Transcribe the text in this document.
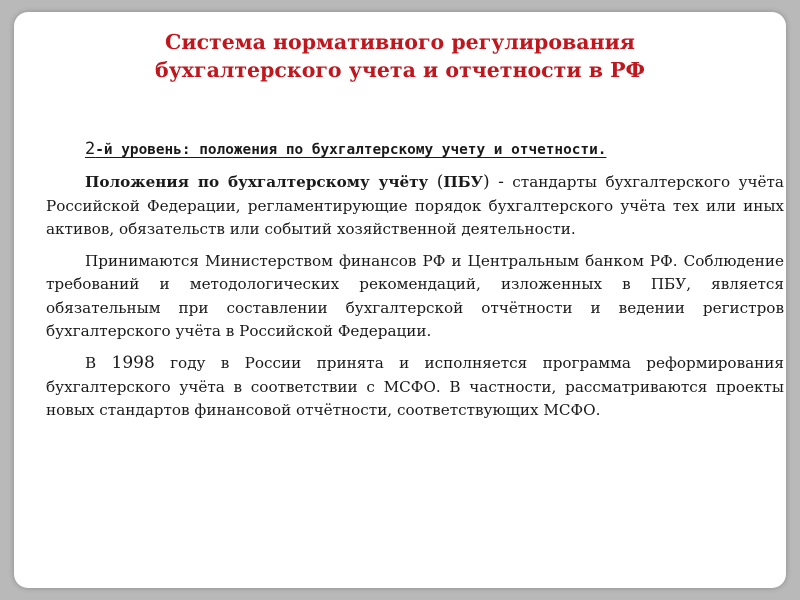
Система нормативного регулирования
бухгалтерского учета и отчетности в РФ

2-й уровень: положения по бухгалтерскому учету и отчетности.

Положения по бухгалтерскому учёту (ПБУ) - стандарты бухгалтерского учёта Российской Федерации, регламентирующие порядок бухгалтерского учёта тех или иных активов, обязательств или событий хозяйственной деятельности.

Принимаются Министерством финансов РФ и Центральным банком РФ. Соблюдение требований и методологических рекомендаций, изложенных в ПБУ, является обязательным при составлении бухгалтерской отчётности и ведении регистров бухгалтерского учёта в Российской Федерации.

В 1998 году в России принята и исполняется программа реформирования бухгалтерского учёта в соответствии с МСФО. В частности, рассматриваются проекты новых стандартов финансовой отчётности, соответствующих МСФО.
